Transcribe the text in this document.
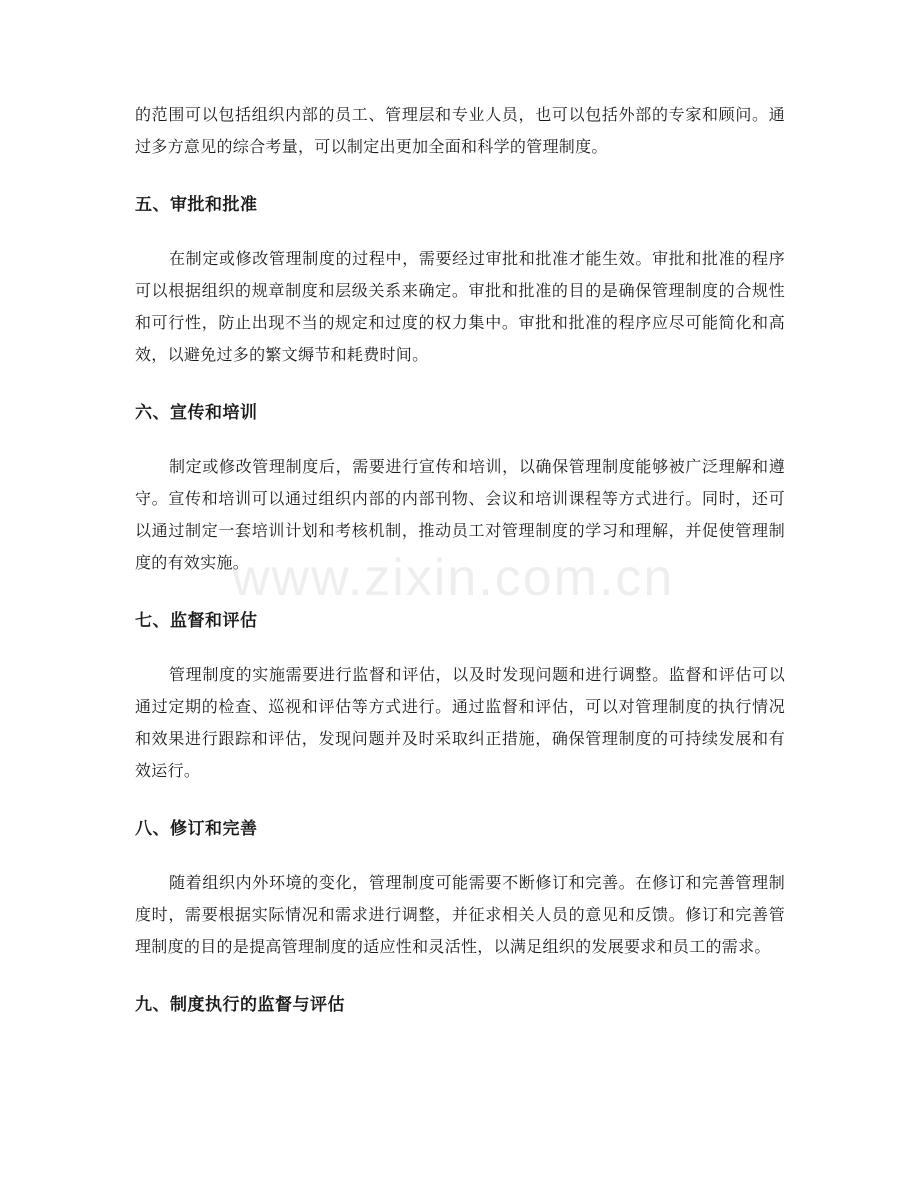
的范围可以包括组织内部的员工、管理层和专业人员，也可以包括外部的专家和顾问。通过多方意见的综合考量，可以制定出更加全面和科学的管理制度。

五、审批和批准

在制定或修改管理制度的过程中，需要经过审批和批准才能生效。审批和批准的程序可以根据组织的规章制度和层级关系来确定。审批和批准的目的是确保管理制度的合规性和可行性，防止出现不当的规定和过度的权力集中。审批和批准的程序应尽可能简化和高效，以避免过多的繁文缛节和耗费时间。

六、宣传和培训

制定或修改管理制度后，需要进行宣传和培训，以确保管理制度能够被广泛理解和遵守。宣传和培训可以通过组织内部的内部刊物、会议和培训课程等方式进行。同时，还可以通过制定一套培训计划和考核机制，推动员工对管理制度的学习和理解，并促使管理制度的有效实施。

七、监督和评估

管理制度的实施需要进行监督和评估，以及时发现问题和进行调整。监督和评估可以通过定期的检查、巡视和评估等方式进行。通过监督和评估，可以对管理制度的执行情况和效果进行跟踪和评估，发现问题并及时采取纠正措施，确保管理制度的可持续发展和有效运行。

八、修订和完善

随着组织内外环境的变化，管理制度可能需要不断修订和完善。在修订和完善管理制度时，需要根据实际情况和需求进行调整，并征求相关人员的意见和反馈。修订和完善管理制度的目的是提高管理制度的适应性和灵活性，以满足组织的发展要求和员工的需求。

九、制度执行的监督与评估
www.zixin.com.cn
